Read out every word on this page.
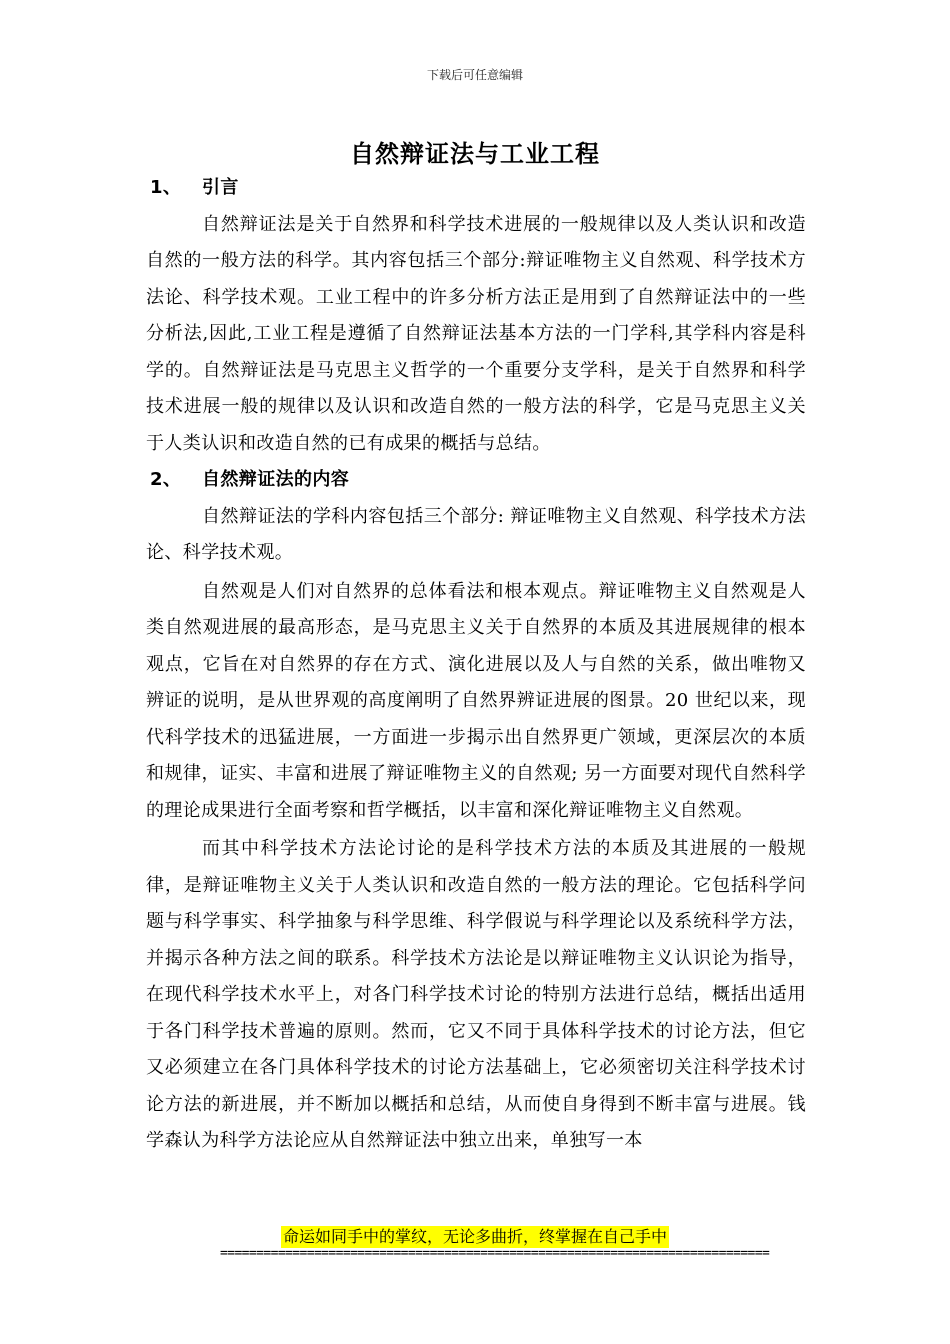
下载后可任意编辑
自然辩证法与工业工程
1、 引言

自然辩证法是关于自然界和科学技术进展的一般规律以及人类认识和改造自然的一般方法的科学。其内容包括三个部分:辩证唯物主义自然观、科学技术方法论、科学技术观。工业工程中的许多分析方法正是用到了自然辩证法中的一些分析法,因此,工业工程是遵循了自然辩证法基本方法的一门学科,其学科内容是科学的。自然辩证法是马克思主义哲学的一个重要分支学科，是关于自然界和科学技术进展一般的规律以及认识和改造自然的一般方法的科学，它是马克思主义关于人类认识和改造自然的已有成果的概括与总结。

2、 自然辩证法的内容

自然辩证法的学科内容包括三个部分: 辩证唯物主义自然观、科学技术方法论、科学技术观。

自然观是人们对自然界的总体看法和根本观点。辩证唯物主义自然观是人类自然观进展的最高形态，是马克思主义关于自然界的本质及其进展规律的根本观点，它旨在对自然界的存在方式、演化进展以及人与自然的关系，做出唯物又辨证的说明，是从世界观的高度阐明了自然界辨证进展的图景。20 世纪以来，现代科学技术的迅猛进展，一方面进一步揭示出自然界更广领域，更深层次的本质和规律，证实、丰富和进展了辩证唯物主义的自然观; 另一方面要对现代自然科学的理论成果进行全面考察和哲学概括，以丰富和深化辩证唯物主义自然观。

而其中科学技术方法论讨论的是科学技术方法的本质及其进展的一般规律，是辩证唯物主义关于人类认识和改造自然的一般方法的理论。它包括科学问题与科学事实、科学抽象与科学思维、科学假说与科学理论以及系统科学方法，并揭示各种方法之间的联系。科学技术方法论是以辩证唯物主义认识论为指导，在现代科学技术水平上，对各门科学技术讨论的特别方法进行总结，概括出适用于各门科学技术普遍的原则。然而，它又不同于具体科学技术的讨论方法，但它又必须建立在各门具体科学技术的讨论方法基础上，它必须密切关注科学技术讨论方法的新进展，并不断加以概括和总结，从而使自身得到不断丰富与进展。钱学森认为科学方法论应从自然辩证法中独立出来，单独写一本

命运如同手中的掌纹，无论多曲折，终掌握在自己手中
============================================================================
